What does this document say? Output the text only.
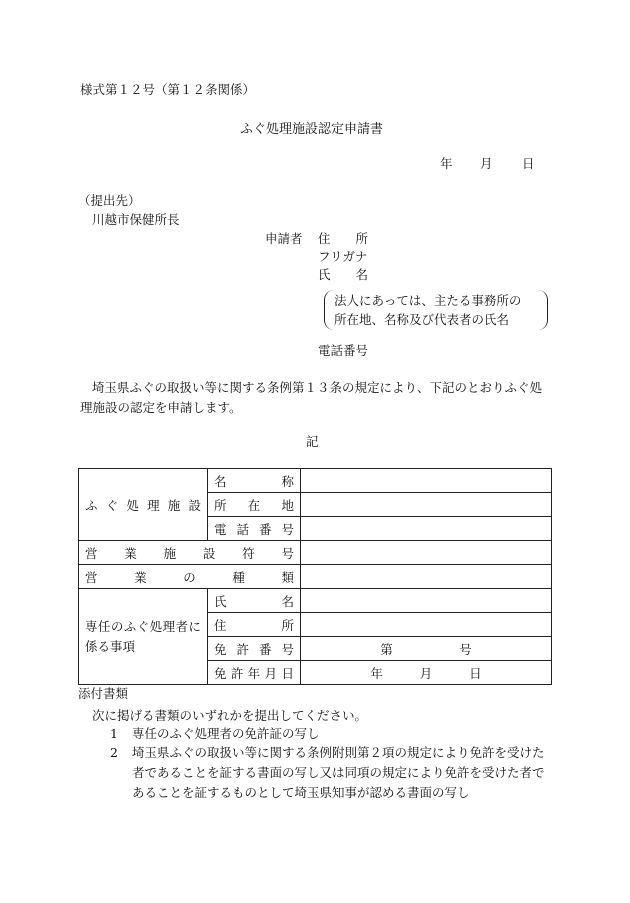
様式第１２号（第１２条関係）
ふぐ処理施設認定申請書
年 月 日
（提出先）
川越市保健所長
申請者 住　　所
フリガナ
氏　　名
法人にあっては、主たる事務所の
所在地、名称及び代表者の氏名
電話番号
埼玉県ふぐの取扱い等に関する条例第１３条の規定により、下記のとおりふぐ処理施設の認定を申請します。
記
ふぐ処理施設	名称	
	所在地	
	電話番号	
営業施設符号		
営業の種類		
専任のふぐ処理者に係る事項	氏名	
	住所	
	免許番号	第 号

	免許年月日	年 月 日
添付書類
次に掲げる書類のいずれかを提出してください。
1 専任のふぐ処理者の免許証の写し
2 埼玉県ふぐの取扱い等に関する条例附則第２項の規定により免許を受けた者であることを証する書面の写し又は同項の規定により免許を受けた者であることを証するものとして埼玉県知事が認める書面の写し
